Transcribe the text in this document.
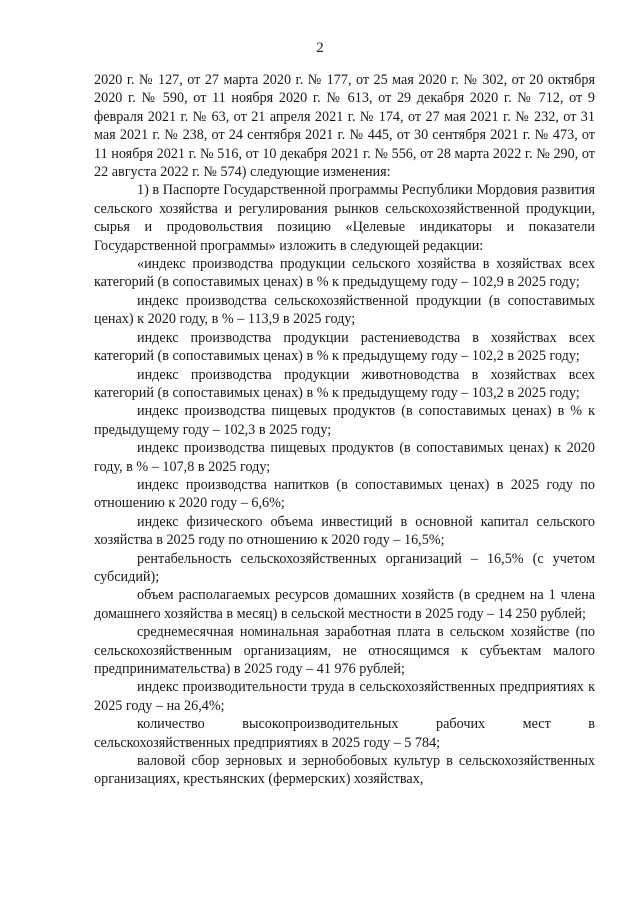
2

2020 г. № 127, от 27 марта 2020 г. № 177, от 25 мая 2020 г. № 302, от 20 октября 2020 г. № 590, от 11 ноября 2020 г. № 613, от 29 декабря 2020 г. № 712, от 9 февраля 2021 г. № 63, от 21 апреля 2021 г. № 174, от 27 мая 2021 г. № 232, от 31 мая 2021 г. № 238, от 24 сентября 2021 г. № 445, от 30 сентября 2021 г. № 473, от 11 ноября 2021 г. № 516, от 10 декабря 2021 г. № 556, от 28 марта 2022 г. № 290, от 22 августа 2022 г. № 574) следующие изменения:

1) в Паспорте Государственной программы Республики Мордовия развития сельского хозяйства и регулирования рынков сельскохозяйственной продукции, сырья и продовольствия позицию «Целевые индикаторы и показатели Государственной программы» изложить в следующей редакции:

«индекс производства продукции сельского хозяйства в хозяйствах всех категорий (в сопоставимых ценах) в % к предыдущему году – 102,9 в 2025 году;

индекс производства сельскохозяйственной продукции (в сопоставимых ценах) к 2020 году, в % – 113,9 в 2025 году;

индекс производства продукции растениеводства в хозяйствах всех категорий (в сопоставимых ценах) в % к предыдущему году – 102,2 в 2025 году;

индекс производства продукции животноводства в хозяйствах всех категорий (в сопоставимых ценах) в % к предыдущему году – 103,2 в 2025 году;

индекс производства пищевых продуктов (в сопоставимых ценах) в % к предыдущему году – 102,3 в 2025 году;

индекс производства пищевых продуктов (в сопоставимых ценах) к 2020 году, в % – 107,8 в 2025 году;

индекс производства напитков (в сопоставимых ценах) в 2025 году по отношению к 2020 году – 6,6%;

индекс физического объема инвестиций в основной капитал сельского хозяйства в 2025 году по отношению к 2020 году – 16,5%;

рентабельность сельскохозяйственных организаций – 16,5% (с учетом субсидий);

объем располагаемых ресурсов домашних хозяйств (в среднем на 1 члена домашнего хозяйства в месяц) в сельской местности в 2025 году – 14 250 рублей;

среднемесячная номинальная заработная плата в сельском хозяйстве (по сельскохозяйственным организациям, не относящимся к субъектам малого предпринимательства) в 2025 году – 41 976 рублей;

индекс производительности труда в сельскохозяйственных предприятиях к 2025 году – на 26,4%;

количество высокопроизводительных рабочих мест в сельскохозяйственных предприятиях в 2025 году – 5 784;

валовой сбор зерновых и зернобобовых культур в сельскохозяйственных организациях, крестьянских (фермерских) хозяйствах,
